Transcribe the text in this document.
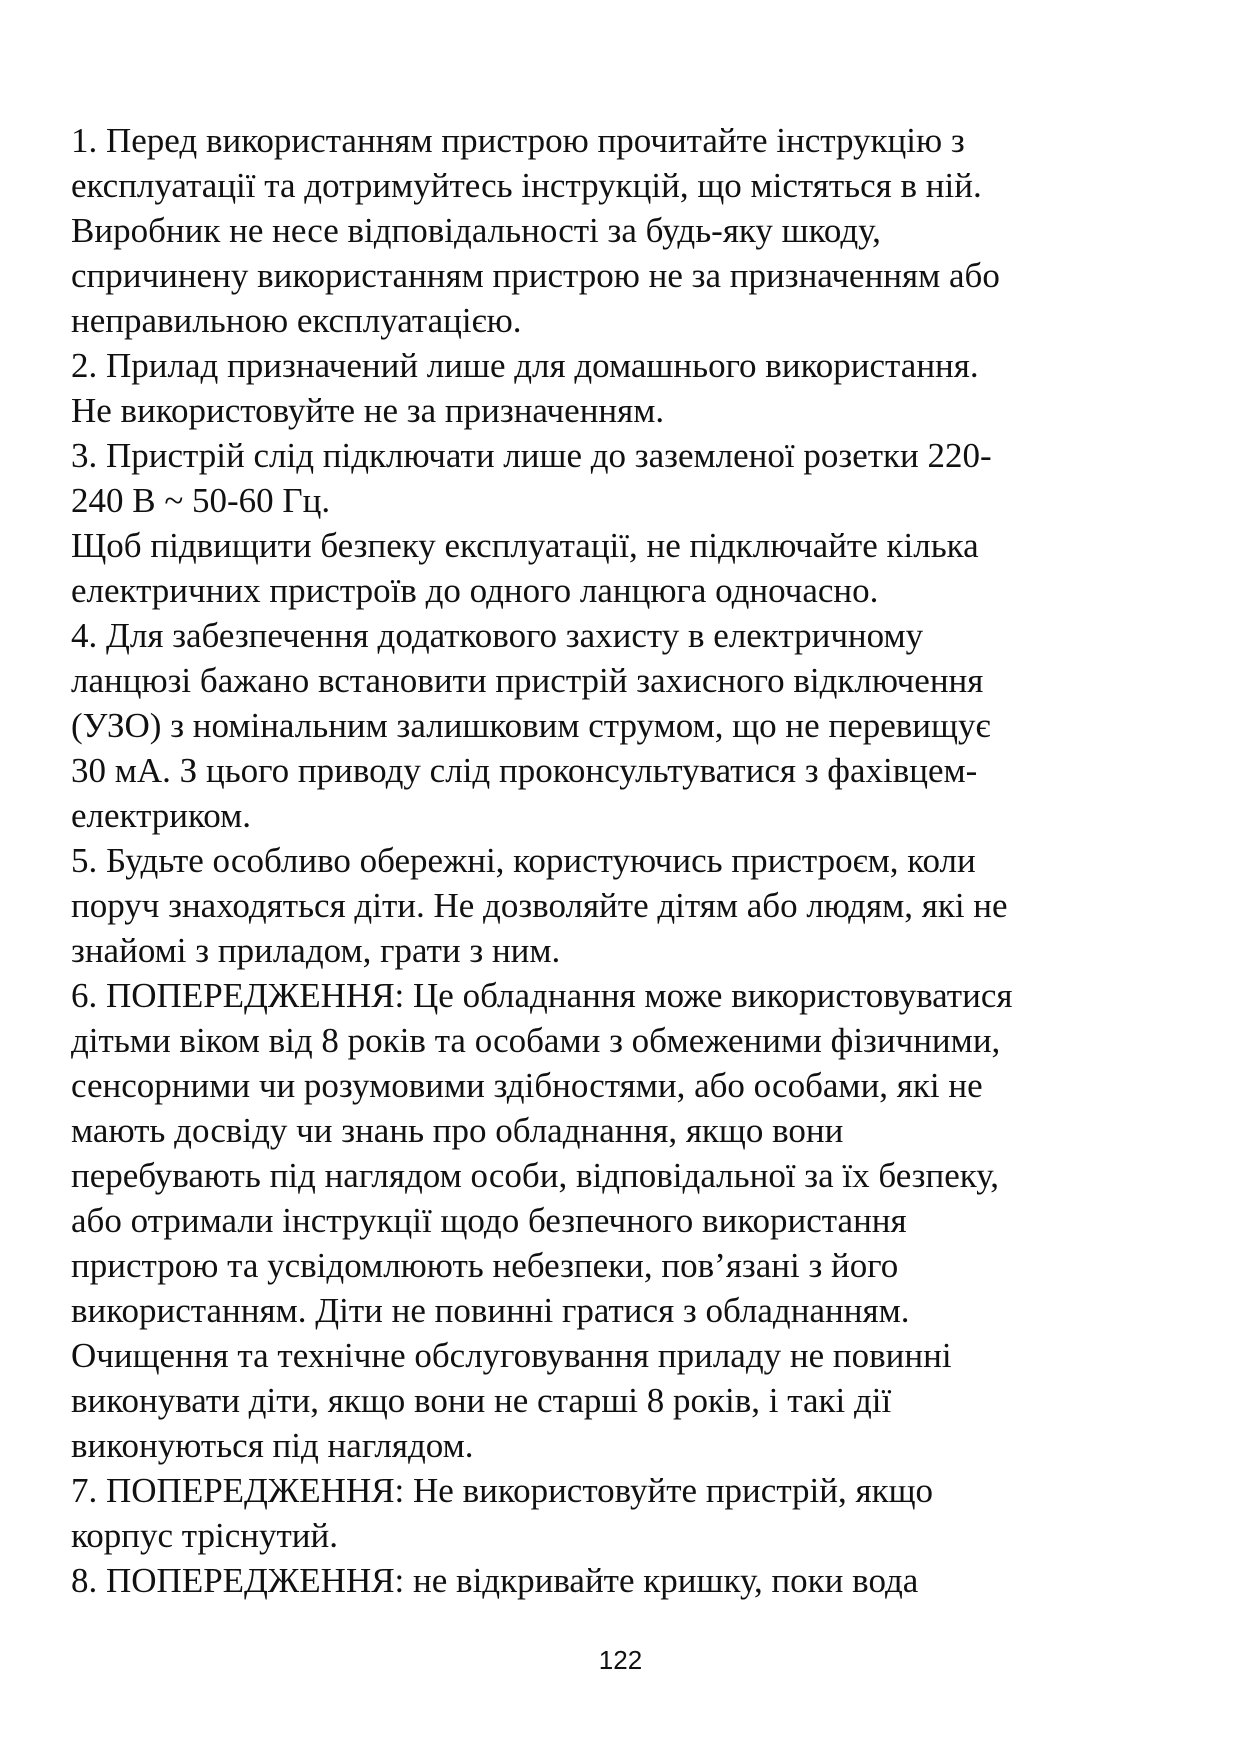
1. Перед використанням пристрою прочитайте інструкцію з
експлуатації та дотримуйтесь інструкцій, що містяться в ній.
Виробник не несе відповідальності за будь-яку шкоду,
спричинену використанням пристрою не за призначенням або
неправильною експлуатацією.
2. Прилад призначений лише для домашнього використання.
Не використовуйте не за призначенням.
3. Пристрій слід підключати лише до заземленої розетки 220-
240 В ~ 50-60 Гц.
Щоб підвищити безпеку експлуатації, не підключайте кілька
електричних пристроїв до одного ланцюга одночасно.
4. Для забезпечення додаткового захисту в електричному
ланцюзі бажано встановити пристрій захисного відключення
(УЗО) з номінальним залишковим струмом, що не перевищує
30 мА. З цього приводу слід проконсультуватися з фахівцем-
електриком.
5. Будьте особливо обережні, користуючись пристроєм, коли
поруч знаходяться діти. Не дозволяйте дітям або людям, які не
знайомі з приладом, грати з ним.
6. ПОПЕРЕДЖЕННЯ: Це обладнання може використовуватися
дітьми віком від 8 років та особами з обмеженими фізичними,
сенсорними чи розумовими здібностями, або особами, які не
мають досвіду чи знань про обладнання, якщо вони
перебувають під наглядом особи, відповідальної за їх безпеку,
або отримали інструкції щодо безпечного використання
пристрою та усвідомлюють небезпеки, пов’язані з його
використанням. Діти не повинні гратися з обладнанням.
Очищення та технічне обслуговування приладу не повинні
виконувати діти, якщо вони не старші 8 років, і такі дії
виконуються під наглядом.
7. ПОПЕРЕДЖЕННЯ: Не використовуйте пристрій, якщо
корпус тріснутий.
8. ПОПЕРЕДЖЕННЯ: не відкривайте кришку, поки вода
122
